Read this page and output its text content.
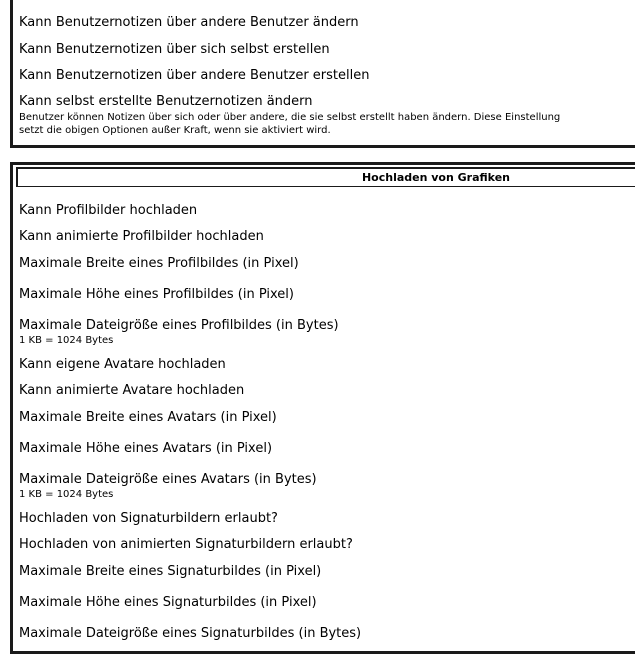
Kann Benutzernotizen über andere Benutzer ändern
Kann Benutzernotizen über sich selbst erstellen
Kann Benutzernotizen über andere Benutzer erstellen
Kann selbst erstellte Benutzernotizen ändern
Benutzer können Notizen über sich oder über andere, die sie selbst erstellt haben ändern. Diese Einstellung
setzt die obigen Optionen außer Kraft, wenn sie aktiviert wird.
Hochladen von Grafiken
Kann Profilbilder hochladen
Kann animierte Profilbilder hochladen
Maximale Breite eines Profilbildes (in Pixel)
Maximale Höhe eines Profilbildes (in Pixel)
Maximale Dateigröße eines Profilbildes (in Bytes)
1 KB = 1024 Bytes
Kann eigene Avatare hochladen
Kann animierte Avatare hochladen
Maximale Breite eines Avatars (in Pixel)
Maximale Höhe eines Avatars (in Pixel)
Maximale Dateigröße eines Avatars (in Bytes)
1 KB = 1024 Bytes
Hochladen von Signaturbildern erlaubt?
Hochladen von animierten Signaturbildern erlaubt?
Maximale Breite eines Signaturbildes (in Pixel)
Maximale Höhe eines Signaturbildes (in Pixel)
Maximale Dateigröße eines Signaturbildes (in Bytes)
